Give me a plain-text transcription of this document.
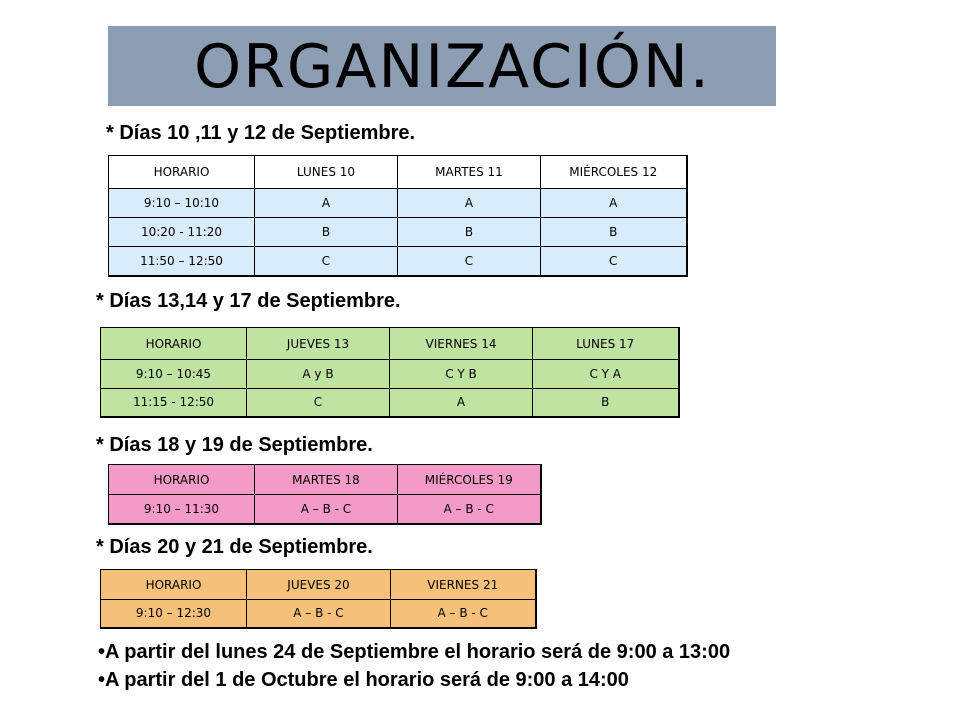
ORGANIZACIÓN.
* Días 10 ,11 y 12 de Septiembre.
HORARIO	LUNES 10	MARTES 11	MIÉRCOLES 12
9:10 – 10:10	A	A	A
10:20 - 11:20	B	B	B
11:50 – 12:50	C	C	C
* Días 13,14 y 17 de Septiembre.
HORARIO	JUEVES 13	VIERNES 14	LUNES 17
9:10 – 10:45	A y B	C Y B	C Y A
11:15 - 12:50	C	A	B
* Días 18 y 19 de Septiembre.
HORARIO	MARTES 18	MIÉRCOLES 19
9:10 – 11:30	A – B - C	A – B - C
* Días 20 y 21 de Septiembre.
HORARIO	JUEVES 20	VIERNES 21
9:10 – 12:30	A – B - C	A – B - C
•A partir del lunes 24 de Septiembre el horario será de 9:00 a 13:00
•A partir del 1 de Octubre el horario será de 9:00 a 14:00
